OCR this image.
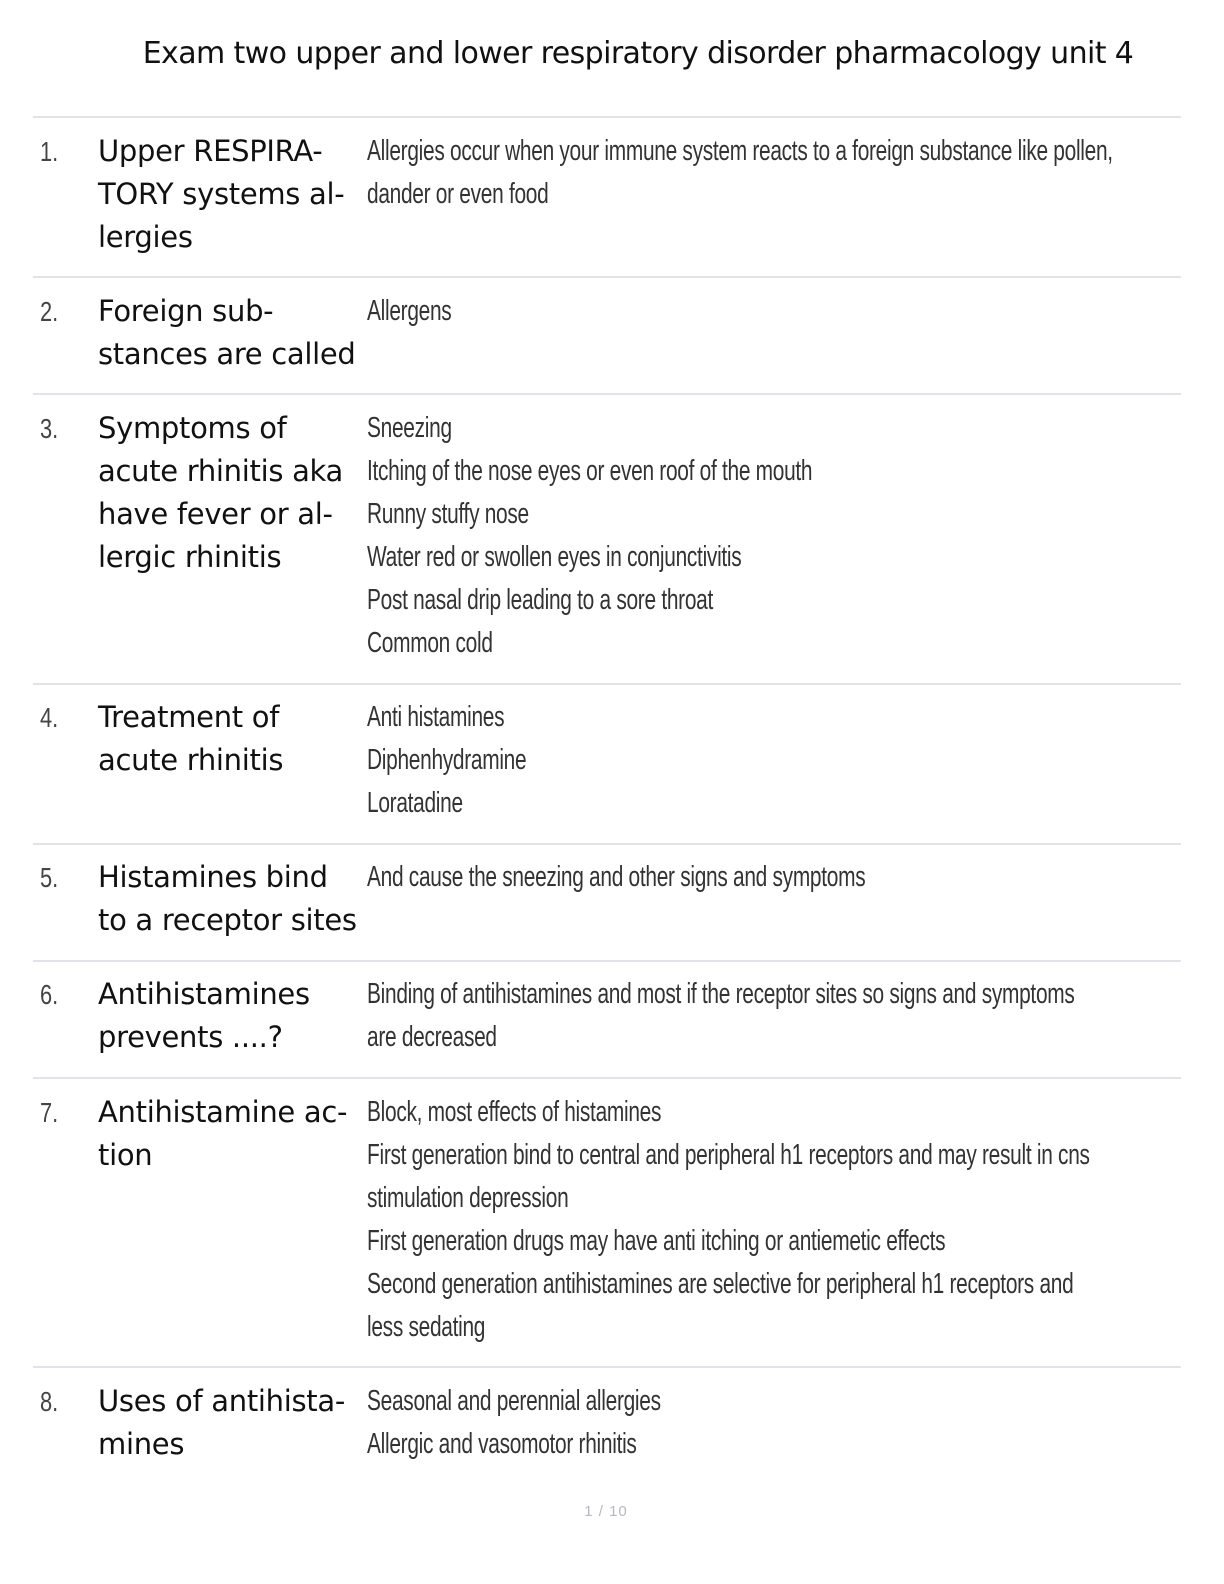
Exam two upper and lower respiratory disorder pharmacology unit 4
1. Upper RESPIRA-
TORY systems al-
lergies
Allergies occur when your immune system reacts to a foreign substance like pollen,
dander or even food
2. Foreign sub-
stances are called
Allergens
3. Symptoms of
acute rhinitis aka
have fever or al-
lergic rhinitis
Sneezing
Itching of the nose eyes or even roof of the mouth
Runny stuffy nose
Water red or swollen eyes in conjunctivitis
Post nasal drip leading to a sore throat
Common cold
4. Treatment of
acute rhinitis
Anti histamines
Diphenhydramine
Loratadine
5. Histamines bind
to a receptor sites
And cause the sneezing and other signs and symptoms
6. Antihistamines
prevents ....?
Binding of antihistamines and most if the receptor sites so signs and symptoms
are decreased
7. Antihistamine ac-
tion
Block, most effects of histamines
First generation bind to central and peripheral h1 receptors and may result in cns
stimulation depression
First generation drugs may have anti itching or antiemetic effects
Second generation antihistamines are selective for peripheral h1 receptors and
less sedating
8. Uses of antihista-
mines
Seasonal and perennial allergies
Allergic and vasomotor rhinitis
1 / 10
